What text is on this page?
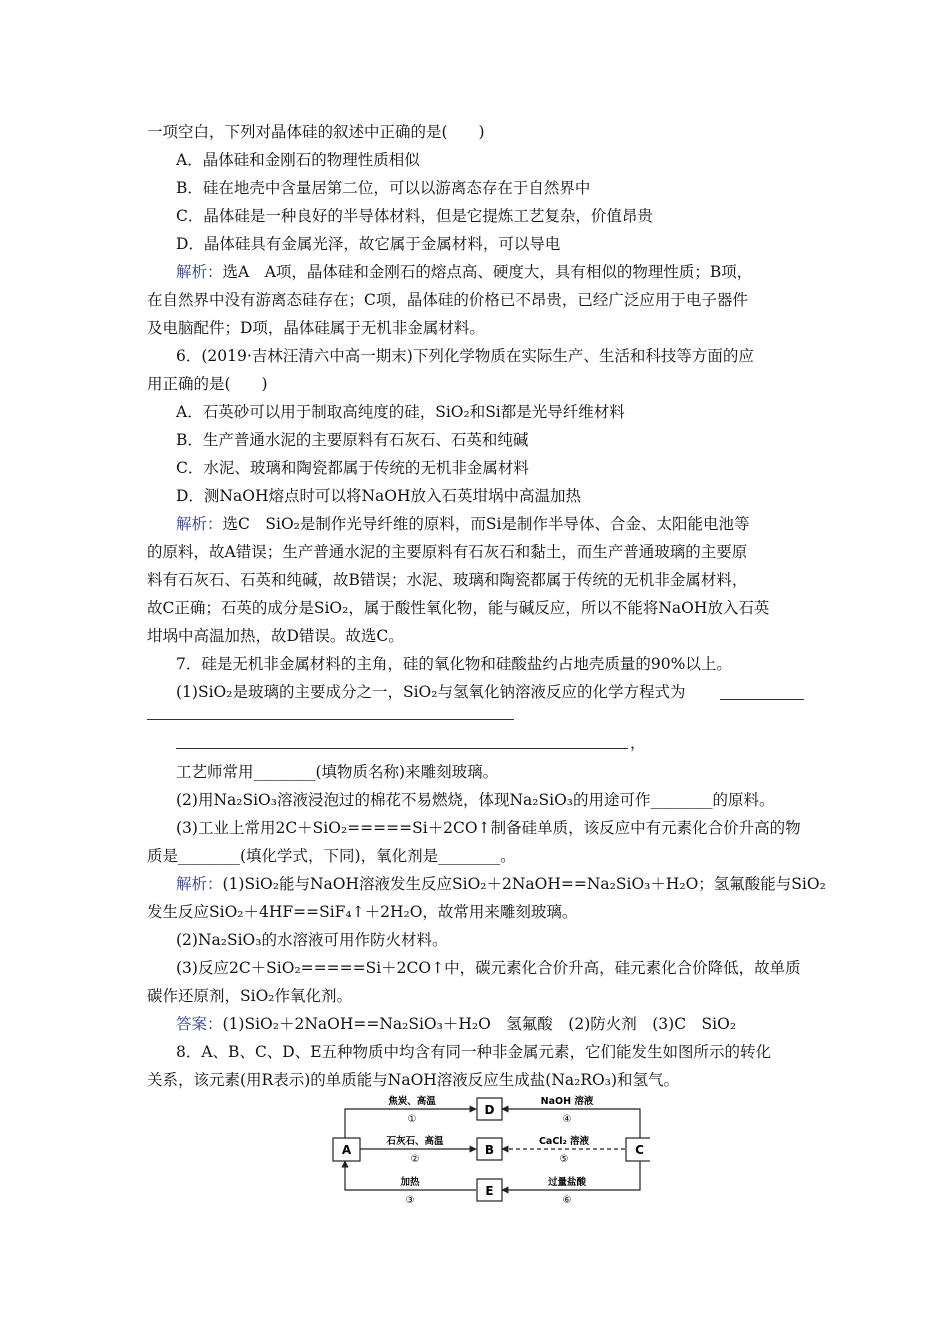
一项空白，下列对晶体硅的叙述中正确的是(　　)
A．晶体硅和金刚石的物理性质相似
B．硅在地壳中含量居第二位，可以以游离态存在于自然界中
C．晶体硅是一种良好的半导体材料，但是它提炼工艺复杂，价值昂贵
D．晶体硅具有金属光泽，故它属于金属材料，可以导电
解析：选A　A项，晶体硅和金刚石的熔点高、硬度大，具有相似的物理性质；B项，
在自然界中没有游离态硅存在；C项，晶体硅的价格已不昂贵，已经广泛应用于电子器件
及电脑配件；D项，晶体硅属于无机非金属材料。
6．(2019·吉林汪清六中高一期末)下列化学物质在实际生产、生活和科技等方面的应
用正确的是(　　)
A．石英砂可以用于制取高纯度的硅，SiO₂和Si都是光导纤维材料
B．生产普通水泥的主要原料有石灰石、石英和纯碱
C．水泥、玻璃和陶瓷都属于传统的无机非金属材料
D．测NaOH熔点时可以将NaOH放入石英坩埚中高温加热
解析：选C　SiO₂是制作光导纤维的原料，而Si是制作半导体、合金、太阳能电池等
的原料，故A错误；生产普通水泥的主要原料有石灰石和黏土，而生产普通玻璃的主要原
料有石灰石、石英和纯碱，故B错误；水泥、玻璃和陶瓷都属于传统的无机非金属材料，
故C正确；石英的成分是SiO₂，属于酸性氧化物，能与碱反应，所以不能将NaOH放入石英
坩埚中高温加热，故D错误。故选C。
7．硅是无机非金属材料的主角，硅的氧化物和硅酸盐约占地壳质量的90%以上。
(1)SiO₂是玻璃的主要成分之一，SiO₂与氢氧化钠溶液反应的化学方程式为
，
工艺师常用________(填物质名称)来雕刻玻璃。
(2)用Na₂SiO₃溶液浸泡过的棉花不易燃烧，体现Na₂SiO₃的用途可作________的原料。
(3)工业上常用2C＋SiO₂=====Si＋2CO↑制备硅单质，该反应中有元素化合价升高的物
质是________(填化学式，下同)，氧化剂是________。
解析：(1)SiO₂能与NaOH溶液发生反应SiO₂＋2NaOH==Na₂SiO₃＋H₂O；氢氟酸能与SiO₂
发生反应SiO₂＋4HF==SiF₄↑＋2H₂O，故常用来雕刻玻璃。
(2)Na₂SiO₃的水溶液可用作防火材料。
(3)反应2C＋SiO₂=====Si＋2CO↑中，碳元素化合价升高，硅元素化合价降低，故单质
碳作还原剂，SiO₂作氧化剂。
答案：(1)SiO₂＋2NaOH==Na₂SiO₃＋H₂O　氢氟酸　(2)防火剂　(3)C　SiO₂
8．A、B、C、D、E五种物质中均含有同一种非金属元素，它们能发生如图所示的转化
关系，该元素(用R表示)的单质能与NaOH溶液反应生成盐(Na₂RO₃)和氢气。
A	B	C
D
E
焦炭、高温
①
石灰石、高温
②
加热
③
NaOH 溶液
④
CaCl₂ 溶液
⑤
过量盐酸
⑥
